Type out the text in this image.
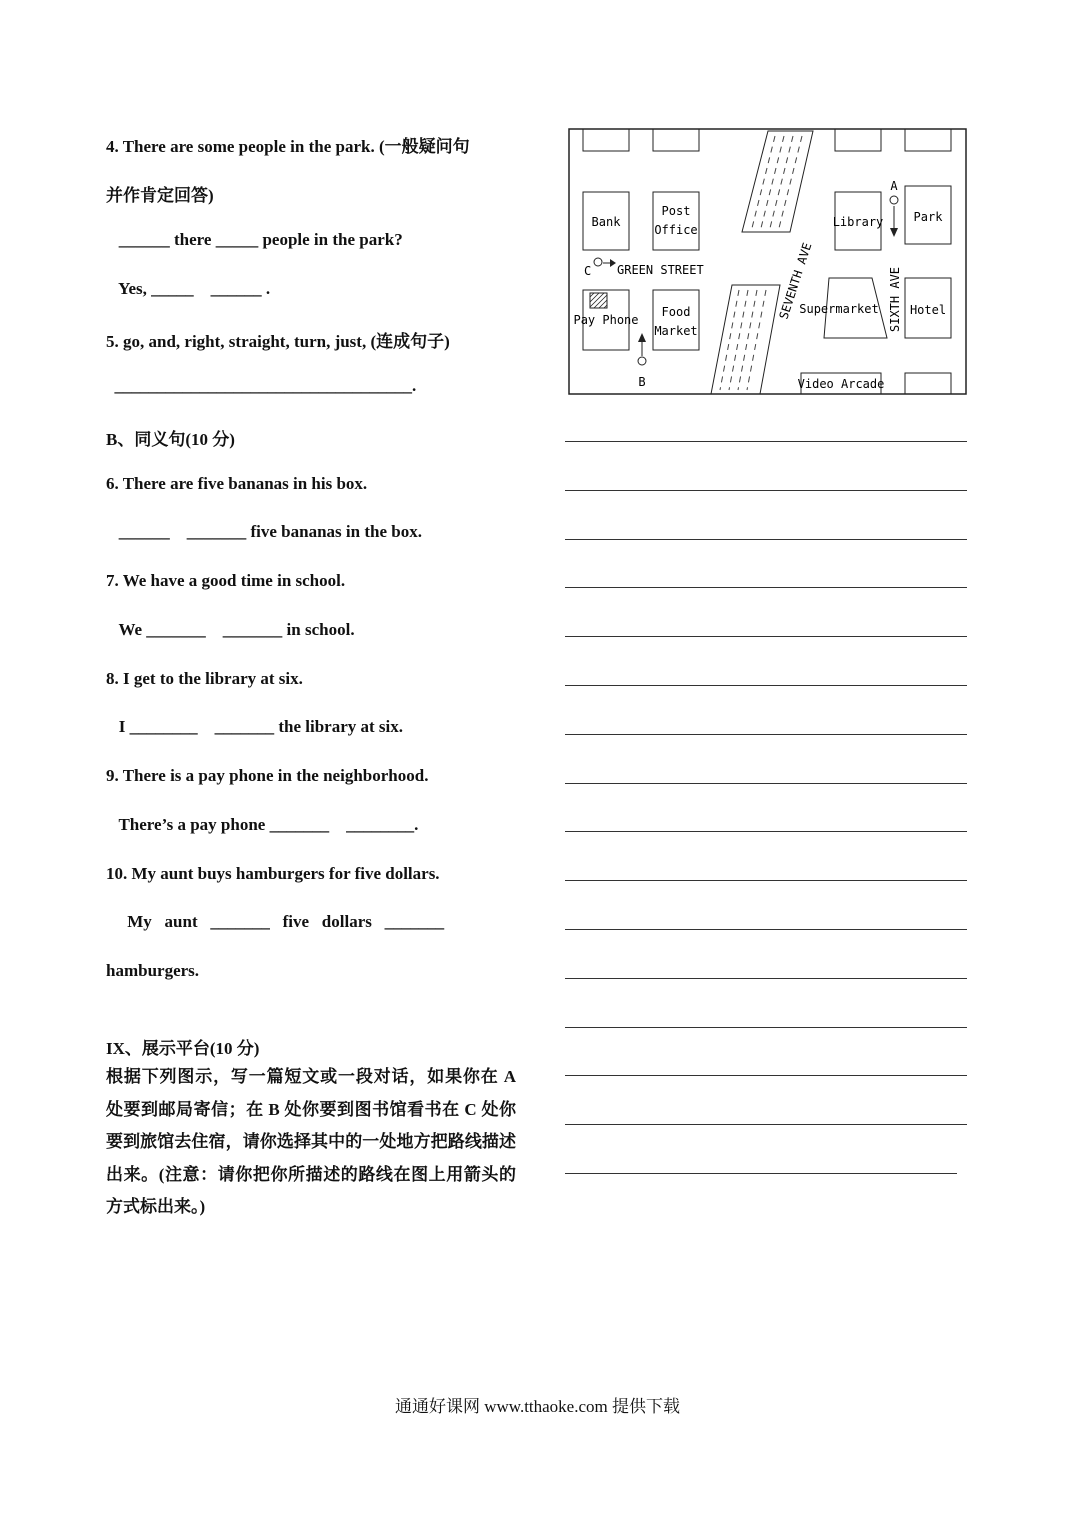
4. There are some people in the park. (一般疑问句
并作肯定回答)
______ there _____ people in the park?
Yes, _____    ______ .
5. go, and, right, straight, turn, just, (连成句子)
___________________________________.
B、同义句(10 分)
6. There are five bananas in his box.
______    _______ five bananas in the box.
7. We have a good time in school.
We _______    _______ in school.
8. I get to the library at six.
I ________    _______ the library at six.
9. There is a pay phone in the neighborhood.
There’s a pay phone _______    ________.
10. My aunt buys hamburgers for five dollars.
My   aunt   _______   five   dollars   _______
hamburgers.
IX、展示平台(10 分)
根据下列图示，写一篇短文或一段对话，如果你在 A 处要到邮局寄信；在 B 处你要到图书馆看书在 C 处你要到旅馆去住宿，请你选择其中的一处地方把路线描述出来。(注意：请你把你所描述的路线在图上用箭头的方式标出来。)
Bank
Post
Office
Library	Park
A
C GREEN STREET
Pay Phone
Food
Market
B
SEVENTH AVE
Supermarket SIXTH AVE Hotel
Video Arcade
通通好课网 www.tthaoke.com 提供下载
